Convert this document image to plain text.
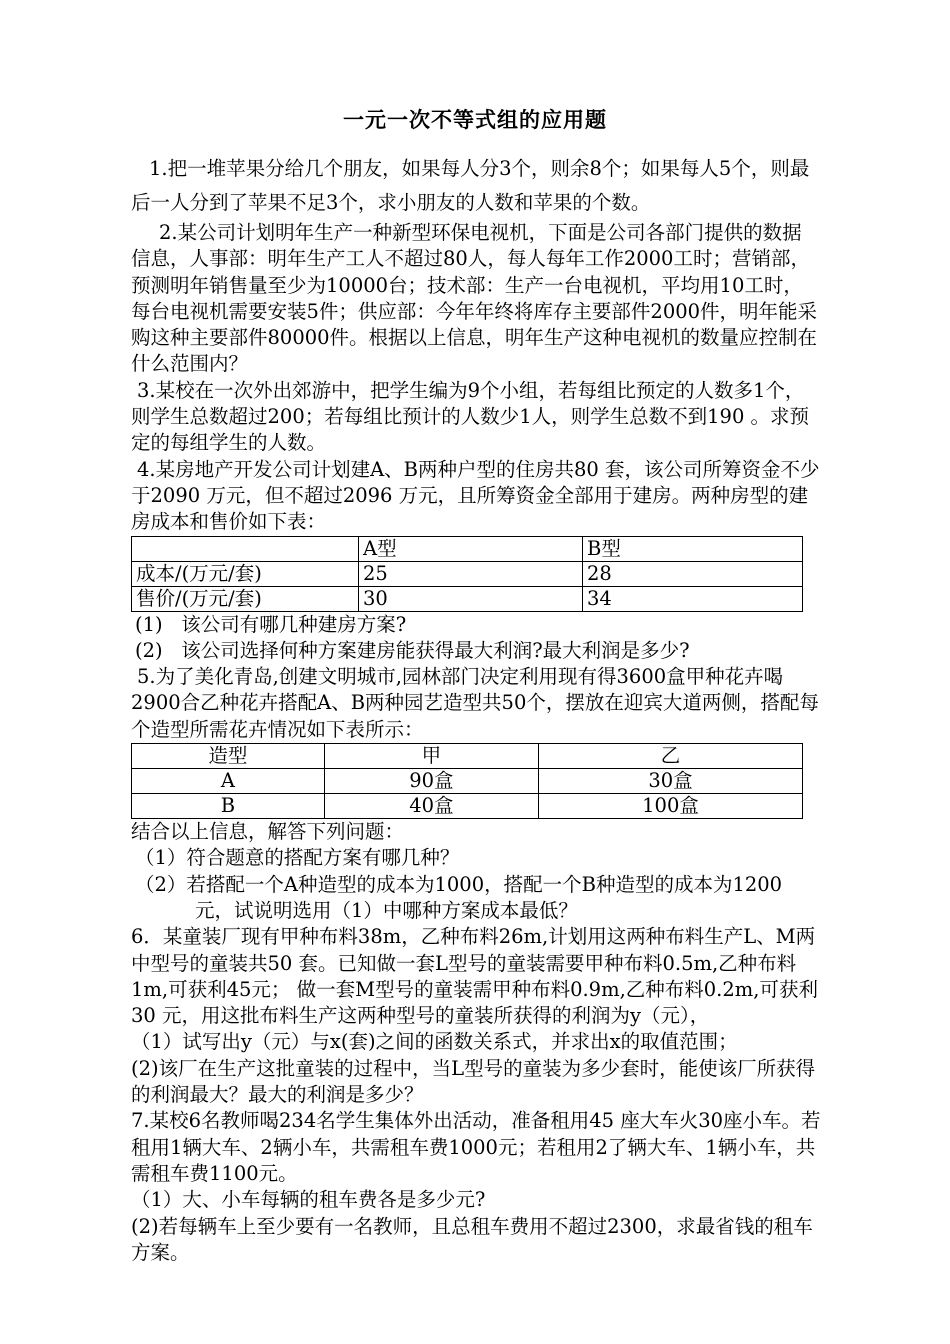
一元一次不等式组的应用题

1.把一堆苹果分给几个朋友，如果每人分3个，则余8个；如果每人5个，则最后一人分到了苹果不足3个，求小朋友的人数和苹果的个数。

2.某公司计划明年生产一种新型环保电视机，下面是公司各部门提供的数据信息，人事部：明年生产工人不超过80人，每人每年工作2000工时；营销部，预测明年销售量至少为10000台；技术部：生产一台电视机，平均用10工时，每台电视机需要安装5件；供应部：今年年终将库存主要部件2000件，明年能采购这种主要部件80000件。根据以上信息，明年生产这种电视机的数量应控制在什么范围内？

3.某校在一次外出郊游中，把学生编为9个小组，若每组比预定的人数多1个，则学生总数超过200；若每组比预计的人数少1人，则学生总数不到190 。求预定的每组学生的人数。

4.某房地产开发公司计划建A、B两种户型的住房共80 套，该公司所筹资金不少于2090 万元，但不超过2096 万元，且所筹资金全部用于建房。两种房型的建房成本和售价如下表：

	A型	B型
成本/(万元/套)	25	28
售价/(万元/套)	30	34

(1)   该公司有哪几种建房方案?

(2)   该公司选择何种方案建房能获得最大利润?最大利润是多少?

5.为了美化青岛,创建文明城市,园林部门决定利用现有得3600盒甲种花卉喝2900合乙种花卉搭配A、B两种园艺造型共50个，摆放在迎宾大道两侧，搭配每个造型所需花卉情况如下表所示：

造型	甲	乙
A	90盒	30盒
B	40盒	100盒

结合以上信息，解答下列问题：

（1）符合题意的搭配方案有哪几种？

（2）若搭配一个A种造型的成本为1000，搭配一个B种造型的成本为1200元，试说明选用（1）中哪种方案成本最低？

6．某童装厂现有甲种布料38m，乙种布料26m,计划用这两种布料生产L、M两中型号的童装共50 套。已知做一套L型号的童装需要甲种布料0.5m,乙种布料1m,可获利45元； 做一套M型号的童装需甲种布料0.9m,乙种布料0.2m,可获利30 元，用这批布料生产这两种型号的童装所获得的利润为y（元），

（1）试写出y（元）与x(套)之间的函数关系式，并求出x的取值范围；

(2)该厂在生产这批童装的过程中，当L型号的童装为多少套时，能使该厂所获得的利润最大？最大的利润是多少？

7.某校6名教师喝234名学生集体外出活动，准备租用45 座大车火30座小车。若租用1辆大车、2辆小车，共需租车费1000元；若租用2了辆大车、1辆小车，共需租车费1100元。

（1）大、小车每辆的租车费各是多少元?

(2)若每辆车上至少要有一名教师，且总租车费用不超过2300，求最省钱的租车方案。
